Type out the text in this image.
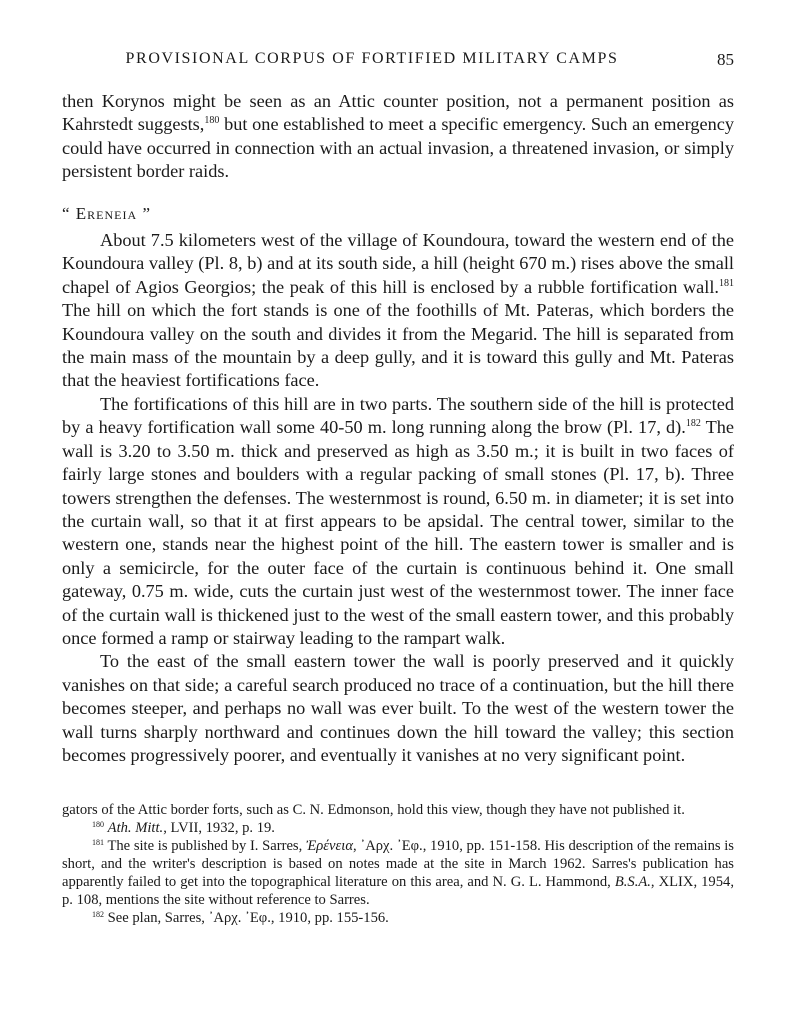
PROVISIONAL CORPUS OF FORTIFIED MILITARY CAMPS	85

then Korynos might be seen as an Attic counter position, not a permanent position as Kahrstedt suggests,$^{180}$ but one established to meet a specific emergency. Such an emergency could have occurred in connection with an actual invasion, a threatened invasion, or simply persistent border raids.

“ Ereneia ”

About 7.5 kilometers west of the village of Koundoura, toward the western end of the Koundoura valley (Pl. 8, b) and at its south side, a hill (height 670 m.) rises above the small chapel of Agios Georgios; the peak of this hill is enclosed by a rubble fortification wall.$^{181}$ The hill on which the fort stands is one of the foothills of Mt. Pateras, which borders the Koundoura valley on the south and divides it from the Megarid. The hill is separated from the main mass of the mountain by a deep gully, and it is toward this gully and Mt. Pateras that the heaviest fortifications face.

The fortifications of this hill are in two parts. The southern side of the hill is protected by a heavy fortification wall some 40-50 m. long running along the brow (Pl. 17, d).$^{182}$ The wall is 3.20 to 3.50 m. thick and preserved as high as 3.50 m.; it is built in two faces of fairly large stones and boulders with a regular packing of small stones (Pl. 17, b). Three towers strengthen the defenses. The westernmost is round, 6.50 m. in diameter; it is set into the curtain wall, so that it at first appears to be apsidal. The central tower, similar to the western one, stands near the highest point of the hill. The eastern tower is smaller and is only a semicircle, for the outer face of the curtain is continuous behind it. One small gateway, 0.75 m. wide, cuts the curtain just west of the westernmost tower. The inner face of the curtain wall is thickened just to the west of the small eastern tower, and this probably once formed a ramp or stairway leading to the rampart walk.

To the east of the small eastern tower the wall is poorly preserved and it quickly vanishes on that side; a careful search produced no trace of a continuation, but the hill there becomes steeper, and perhaps no wall was ever built. To the west of the western tower the wall turns sharply northward and continues down the hill toward the valley; this section becomes progressively poorer, and eventually it vanishes at no very significant point.

gators of the Attic border forts, such as C. N. Edmonson, hold this view, though they have not published it.

$^{180}$ Ath. Mitt., LVII, 1932, p. 19.

$^{181}$ The site is published by I. Sarres, Ἐρένεια, ᾽Αρχ. ᾽Εφ., 1910, pp. 151-158. His description of the remains is short, and the writer's description is based on notes made at the site in March 1962. Sarres's publication has apparently failed to get into the topographical literature on this area, and N. G. L. Hammond, B.S.A., XLIX, 1954, p. 108, mentions the site without reference to Sarres.

$^{182}$ See plan, Sarres, ᾽Αρχ. ᾽Εφ., 1910, pp. 155-156.
